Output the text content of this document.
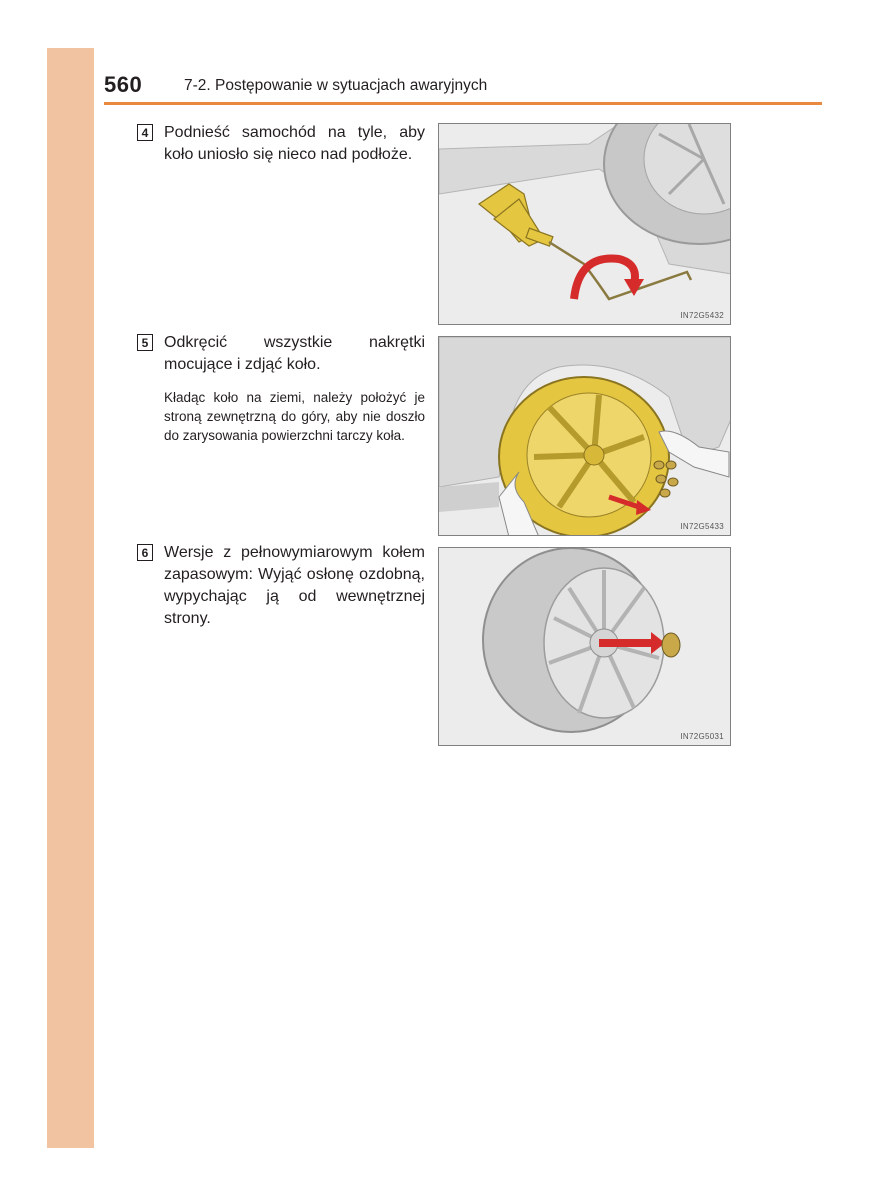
560	7-2. Postępowanie w sytuacjach awaryjnych
4 Podnieść samochód na tyle, aby koło uniosło się nieco nad podłoże.
IN72G5432
5 Odkręcić wszystkie nakrętki mocujące i zdjąć koło.
Kładąc koło na ziemi, należy położyć je stroną zewnętrzną do góry, aby nie doszło do zarysowania powierzchni tarczy koła.
IN72G5433
6 Wersje z pełnowymiarowym kołem zapasowym: Wyjąć osłonę ozdobną, wypychając ją od wewnętrznej strony.
IN72G5031
